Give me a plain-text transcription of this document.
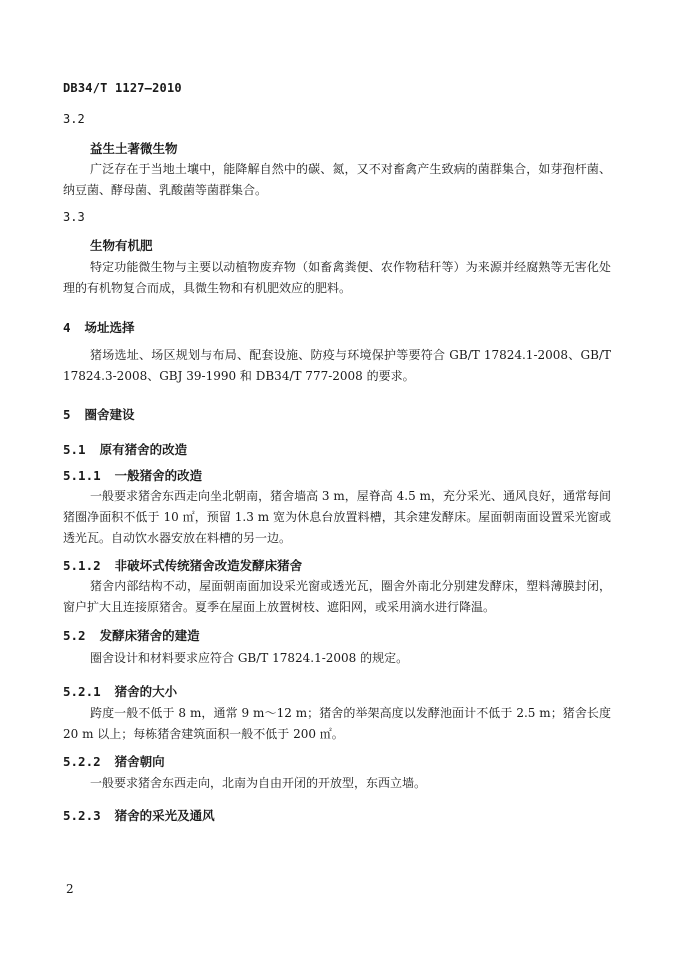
DB34/T 1127—2010
3.2
益生土著微生物

广泛存在于当地土壤中，能降解自然中的碳、氮，又不对畜禽产生致病的菌群集合，如芽孢杆菌、纳豆菌、酵母菌、乳酸菌等菌群集合。

3.3
生物有机肥

特定功能微生物与主要以动植物废弃物（如畜禽粪便、农作物秸秆等）为来源并经腐熟等无害化处理的有机物复合而成，具微生物和有机肥效应的肥料。

4 场址选择

猪场选址、场区规划与布局、配套设施、防疫与环境保护等要符合 GB/T 17824.1-2008、GB/T 17824.3-2008、GBJ 39-1990 和 DB34/T 777-2008 的要求。

5 圈舍建设
5.1 原有猪舍的改造
5.1.1 一般猪舍的改造

一般要求猪舍东西走向坐北朝南，猪舍墙高 3 m，屋脊高 4.5 m，充分采光、通风良好，通常每间猪圈净面积不低于 10 ㎡，预留 1.3 m 宽为休息台放置料槽，其余建发酵床。屋面朝南面设置采光窗或透光瓦。自动饮水器安放在料槽的另一边。

5.1.2 非破坏式传统猪舍改造发酵床猪舍

猪舍内部结构不动，屋面朝南面加设采光窗或透光瓦，圈舍外南北分别建发酵床，塑料薄膜封闭，窗户扩大且连接原猪舍。夏季在屋面上放置树枝、遮阳网，或采用滴水进行降温。

5.2 发酵床猪舍的建造

圈舍设计和材料要求应符合 GB/T 17824.1-2008 的规定。

5.2.1 猪舍的大小

跨度一般不低于 8 m，通常 9 m～12 m；猪舍的举架高度以发酵池面计不低于 2.5 m；猪舍长度 20 m 以上；每栋猪舍建筑面积一般不低于 200 ㎡。

5.2.2 猪舍朝向

一般要求猪舍东西走向，北南为自由开闭的开放型，东西立墙。

5.2.3 猪舍的采光及通风
2
